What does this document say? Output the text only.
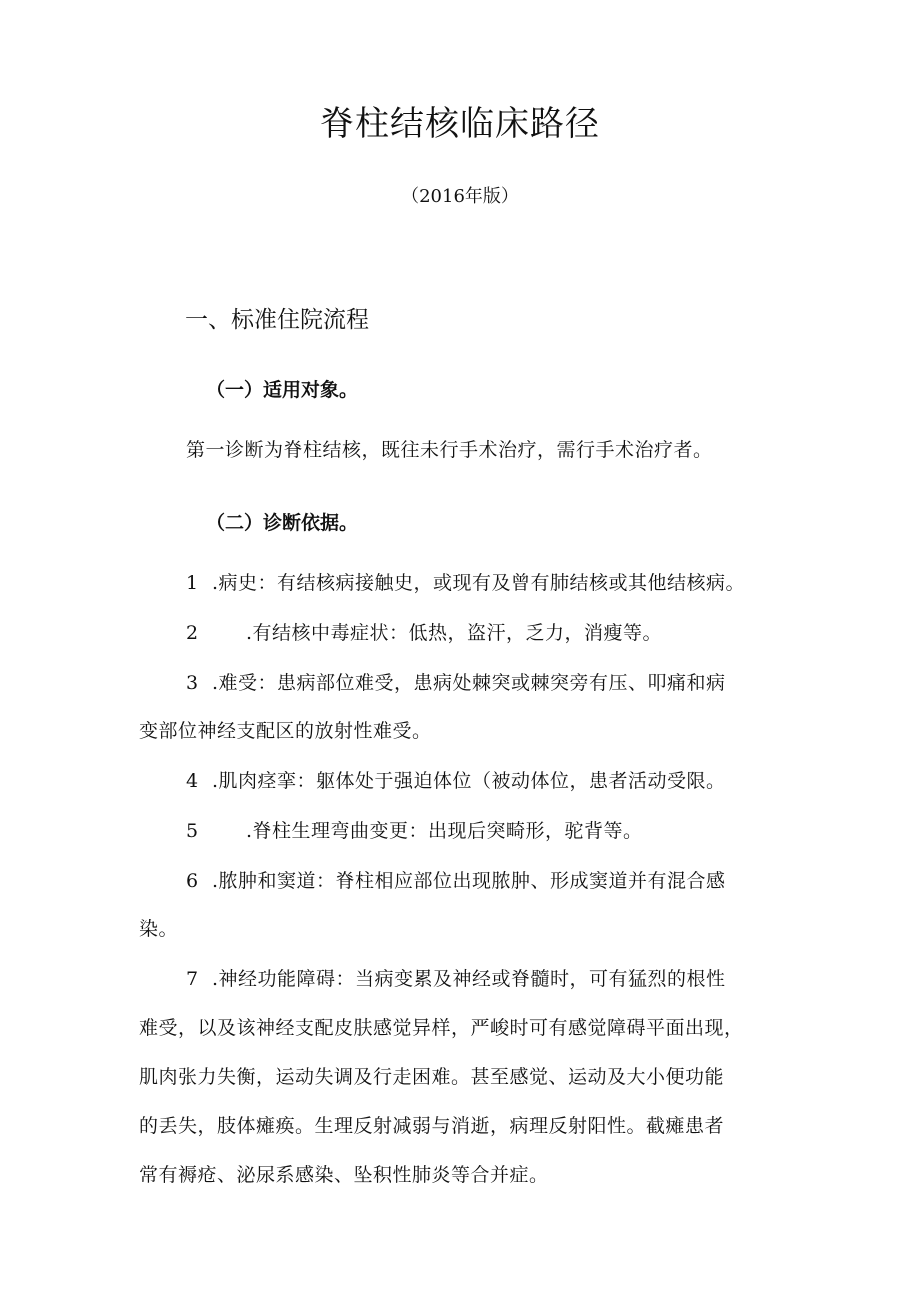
脊柱结核临床路径
（2016年版）
一、标准住院流程
（一）适用对象。
第一诊断为脊柱结核，既往未行手术治疗，需行手术治疗者。
（二）诊断依据。
1 .病史：有结核病接触史，或现有及曾有肺结核或其他结核病。
2 .有结核中毒症状：低热，盗汗，乏力，消瘦等。
3 .难受：患病部位难受，患病处棘突或棘突旁有压、叩痛和病
变部位神经支配区的放射性难受。
4 .肌肉痉挛：躯体处于强迫体位（被动体位，患者活动受限。
5 .脊柱生理弯曲变更：出现后突畸形，驼背等。
6 .脓肿和窦道：脊柱相应部位出现脓肿、形成窦道并有混合感
染。
7 .神经功能障碍：当病变累及神经或脊髓时，可有猛烈的根性
难受，以及该神经支配皮肤感觉异样，严峻时可有感觉障碍平面出现，
肌肉张力失衡，运动失调及行走困难。甚至感觉、运动及大小便功能
的丢失，肢体瘫痪。生理反射减弱与消逝，病理反射阳性。截瘫患者
常有褥疮、泌尿系感染、坠积性肺炎等合并症。
